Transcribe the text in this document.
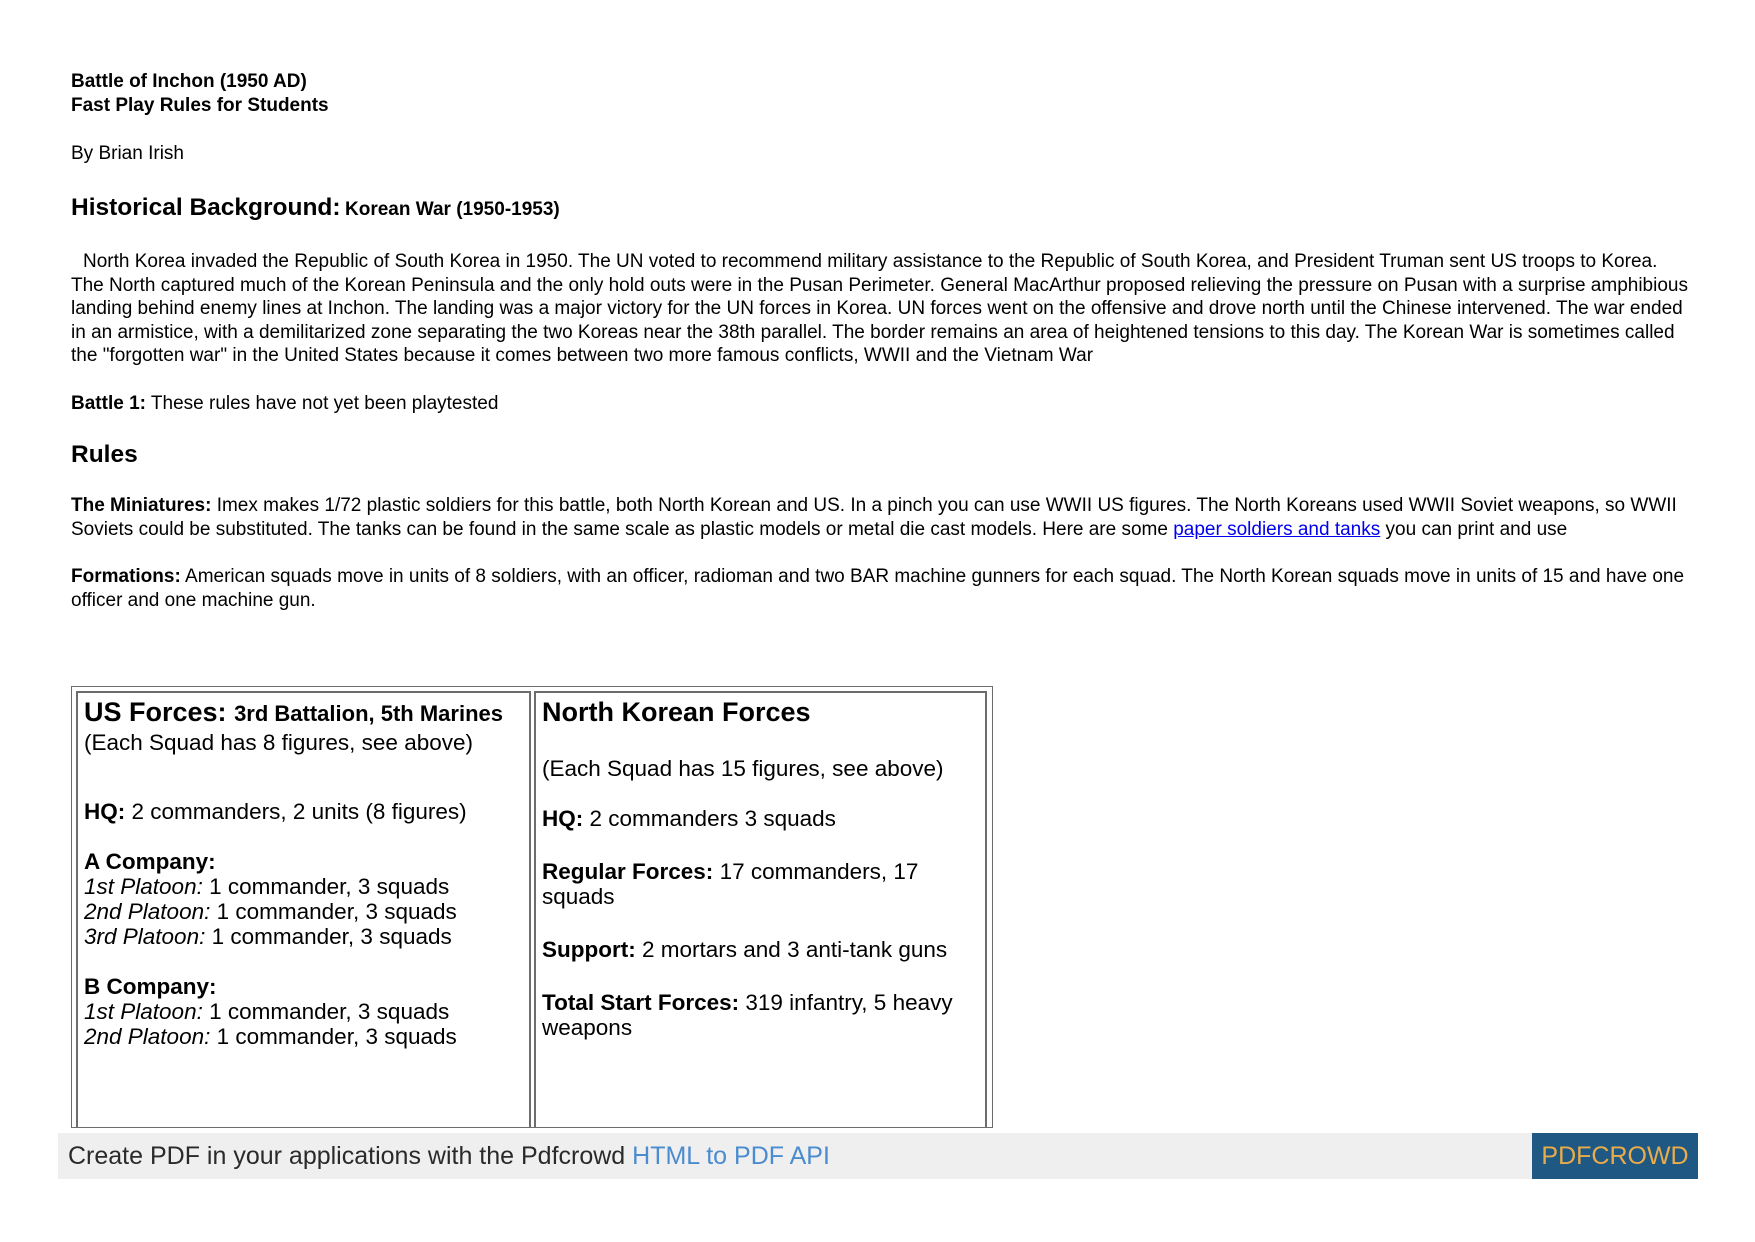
Battle of Inchon (1950 AD)

Fast Play Rules for Students

By Brian Irish

Historical Background: Korean War (1950-1953)

North Korea invaded the Republic of South Korea in 1950. The UN voted to recommend military assistance to the Republic of South Korea, and President Truman sent US troops to Korea. The North captured much of the Korean Peninsula and the only hold outs were in the Pusan Perimeter. General MacArthur proposed relieving the pressure on Pusan with a surprise amphibious landing behind enemy lines at Inchon. The landing was a major victory for the UN forces in Korea. UN forces went on the offensive and drove north until the Chinese intervened. The war ended in an armistice, with a demilitarized zone separating the two Koreas near the 38th parallel. The border remains an area of heightened tensions to this day. The Korean War is sometimes called the "forgotten war" in the United States because it comes between two more famous conflicts, WWII and the Vietnam War

Battle 1: These rules have not yet been playtested

Rules

The Miniatures: Imex makes 1/72 plastic soldiers for this battle, both North Korean and US. In a pinch you can use WWII US figures. The North Koreans used WWII Soviet weapons, so WWII Soviets could be substituted. The tanks can be found in the same scale as plastic models or metal die cast models. Here are some paper soldiers and tanks you can print and use

Formations: American squads move in units of 8 soldiers, with an officer, radioman and two BAR machine gunners for each squad. The North Korean squads move in units of 15 and have one officer and one machine gun.

US Forces: 3rd Battalion, 5th Marines

(Each Squad has 8 figures, see above)

HQ: 2 commanders, 2 units (8 figures)

A Company:

1st Platoon: 1 commander, 3 squads

2nd Platoon: 1 commander, 3 squads

3rd Platoon: 1 commander, 3 squads

B Company:

1st Platoon: 1 commander, 3 squads

2nd Platoon: 1 commander, 3 squads

North Korean Forces

(Each Squad has 15 figures, see above)

HQ: 2 commanders 3 squads

Regular Forces: 17 commanders, 17 squads

Support: 2 mortars and 3 anti-tank guns

Total Start Forces: 319 infantry, 5 heavy weapons

Create PDF in your applications with the Pdfcrowd HTML to PDF API	PDFCROWD
